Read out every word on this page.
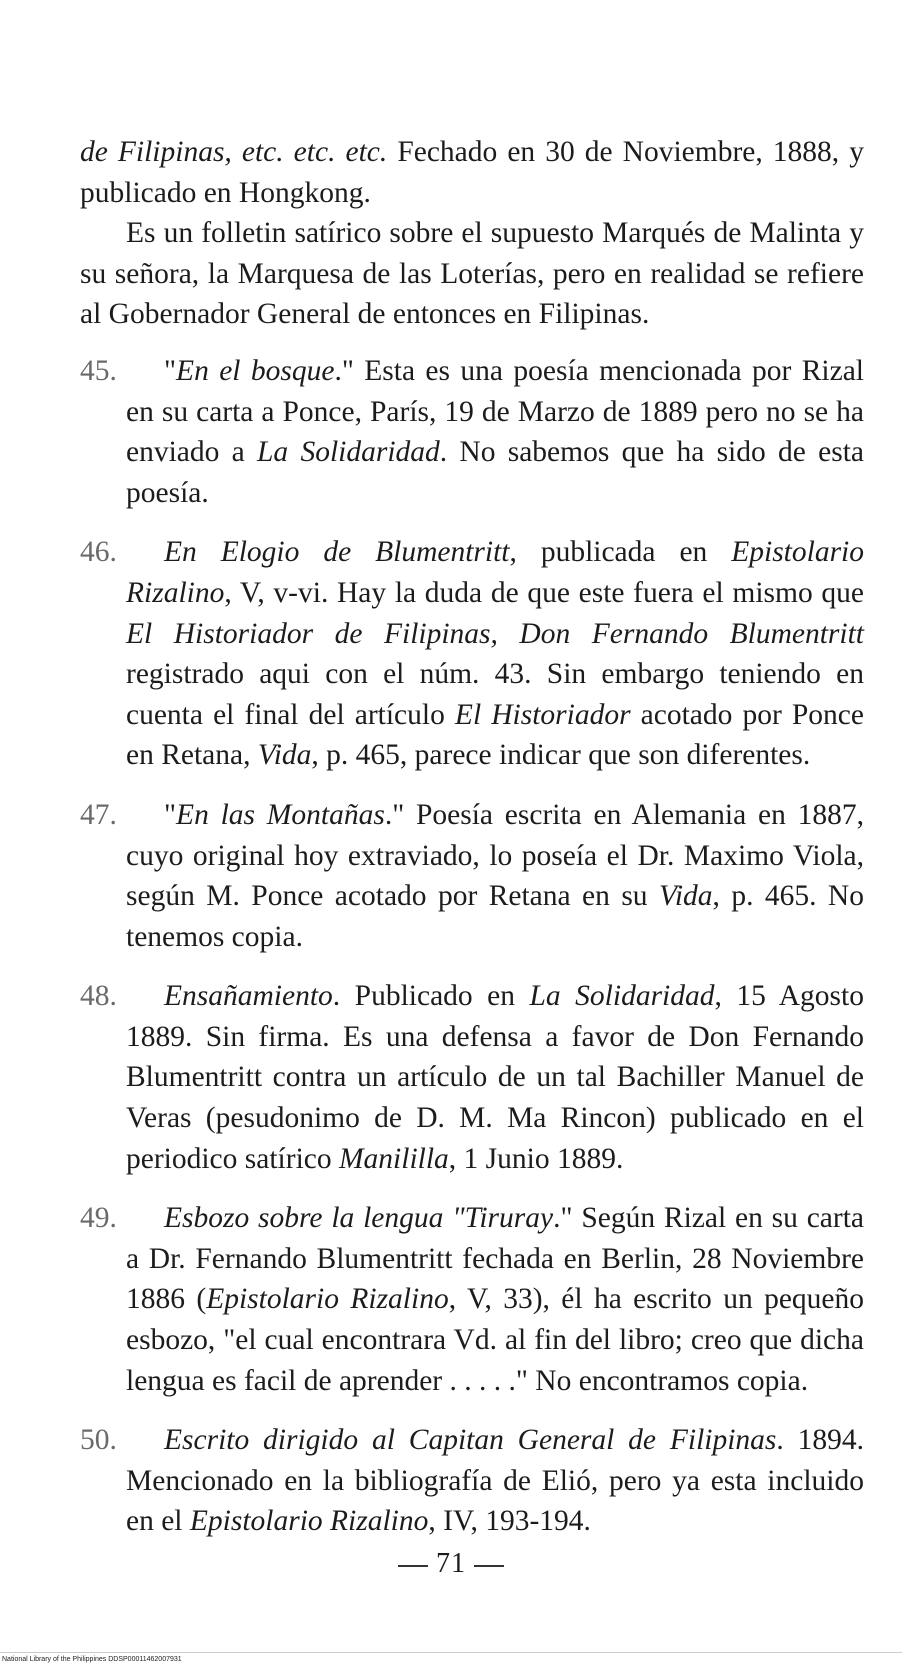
de Filipinas, etc. etc. etc. Fechado en 30 de Noviembre, 1888, y publicado en Hongkong.

Es un folletin satírico sobre el supuesto Marqués de Malinta y su señora, la Marquesa de las Loterías, pero en realidad se refiere al Gobernador General de entonces en Filipinas.

45. "En el bosque." Esta es una poesía mencionada por Rizal en su carta a Ponce, París, 19 de Marzo de 1889 pero no se ha enviado a La Solidaridad. No sabemos que ha sido de esta poesía.

46. En Elogio de Blumentritt, publicada en Epistolario Rizalino, V, v-vi. Hay la duda de que este fuera el mismo que El Historiador de Filipinas, Don Fernando Blumentritt registrado aqui con el núm. 43. Sin embargo teniendo en cuenta el final del artículo El Historiador acotado por Ponce en Retana, Vida, p. 465, parece indicar que son diferentes.

47. "En las Montañas." Poesía escrita en Alemania en 1887, cuyo original hoy extraviado, lo poseía el Dr. Maximo Viola, según M. Ponce acotado por Retana en su Vida, p. 465. No tenemos copia.

48. Ensañamiento. Publicado en La Solidaridad, 15 Agosto 1889. Sin firma. Es una defensa a favor de Don Fernando Blumentritt contra un artículo de un tal Bachiller Manuel de Veras (pesudonimo de D. M. Ma Rincon) publicado en el periodico satírico Manililla, 1 Junio 1889.

49. Esbozo sobre la lengua "Tiruray." Según Rizal en su carta a Dr. Fernando Blumentritt fechada en Berlin, 28 Noviembre 1886 (Epistolario Rizalino, V, 33), él ha escrito un pequeño esbozo, "el cual encontrara Vd. al fin del libro; creo que dicha lengua es facil de aprender . . . . ." No encontramos copia.

50. Escrito dirigido al Capitan General de Filipinas. 1894. Mencionado en la bibliografía de Elió, pero ya esta incluido en el Epistolario Rizalino, IV, 193-194.

71
National Library of the Philippines DDSP00011462007931
